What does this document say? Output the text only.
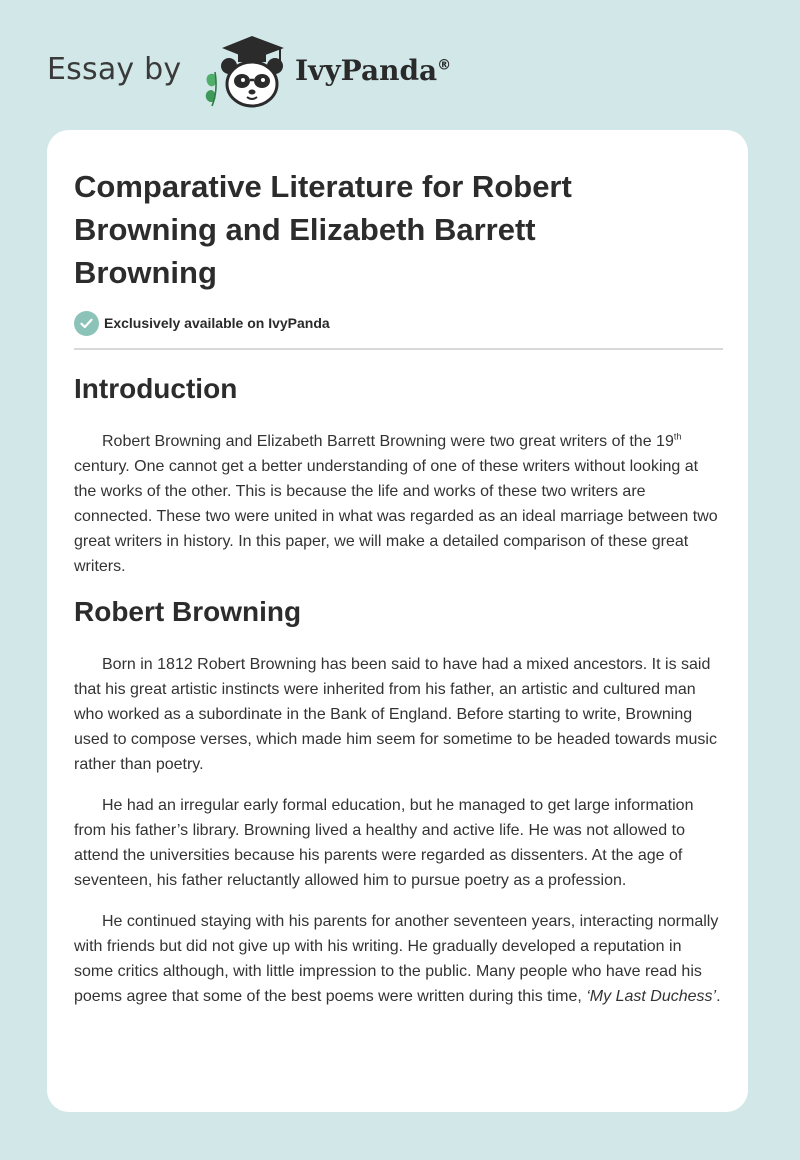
Essay by	IvyPanda®
Comparative Literature for Robert Browning and Elizabeth Barrett Browning
Exclusively available on IvyPanda
Introduction

Robert Browning and Elizabeth Barrett Browning were two great writers of the 19th century. One cannot get a better understanding of one of these writers without looking at the works of the other. This is because the life and works of these two writers are connected. These two were united in what was regarded as an ideal marriage between two great writers in history. In this paper, we will make a detailed comparison of these great writers.

Robert Browning

Born in 1812 Robert Browning has been said to have had a mixed ancestors. It is said that his great artistic instincts were inherited from his father, an artistic and cultured man who worked as a subordinate in the Bank of England. Before starting to write, Browning used to compose verses, which made him seem for sometime to be headed towards music rather than poetry.

He had an irregular early formal education, but he managed to get large information from his father’s library. Browning lived a healthy and active life. He was not allowed to attend the universities because his parents were regarded as dissenters. At the age of seventeen, his father reluctantly allowed him to pursue poetry as a profession.

He continued staying with his parents for another seventeen years, interacting normally with friends but did not give up with his writing. He gradually developed a reputation in some critics although, with little impression to the public. Many people who have read his poems agree that some of the best poems were written during this time, ‘My Last Duchess’.
